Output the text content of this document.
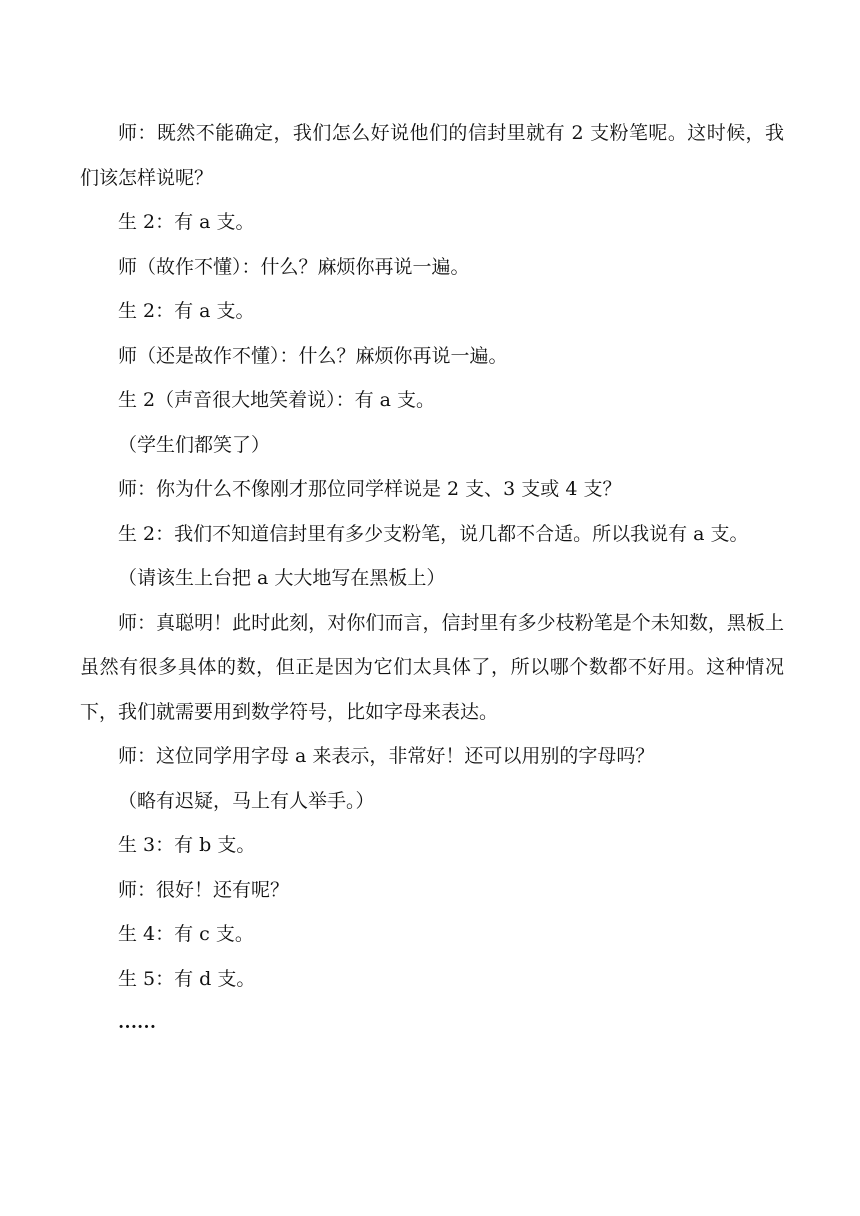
师：既然不能确定，我们怎么好说他们的信封里就有 2 支粉笔呢。这时候，我们该怎样说呢？

生 2：有 a 支。

师（故作不懂）：什么？麻烦你再说一遍。

生 2：有 a 支。

师（还是故作不懂）：什么？麻烦你再说一遍。

生 2（声音很大地笑着说）：有 a 支。

（学生们都笑了）

师：你为什么不像刚才那位同学样说是 2 支、3 支或 4 支？

生 2：我们不知道信封里有多少支粉笔，说几都不合适。所以我说有 a 支。

（请该生上台把 a 大大地写在黑板上）

师：真聪明！此时此刻，对你们而言，信封里有多少枝粉笔是个未知数，黑板上虽然有很多具体的数，但正是因为它们太具体了，所以哪个数都不好用。这种情况下，我们就需要用到数学符号，比如字母来表达。

师：这位同学用字母 a 来表示，非常好！还可以用别的字母吗？

（略有迟疑，马上有人举手。）

生 3：有 b 支。

师：很好！还有呢？

生 4：有 c 支。

生 5：有 d 支。

……
